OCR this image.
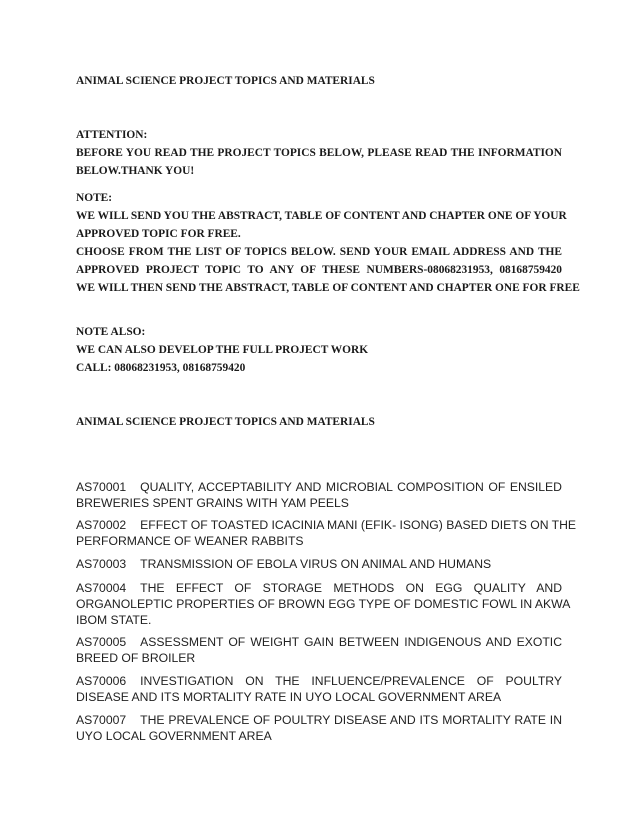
ANIMAL SCIENCE PROJECT TOPICS AND MATERIALS
ATTENTION:
BEFORE YOU READ THE PROJECT TOPICS BELOW, PLEASE READ THE INFORMATION
BELOW.THANK YOU!
NOTE:
WE WILL SEND YOU THE ABSTRACT, TABLE OF CONTENT AND CHAPTER ONE OF YOUR
APPROVED TOPIC FOR FREE.
CHOOSE FROM THE LIST OF TOPICS BELOW. SEND YOUR EMAIL ADDRESS AND THE
APPROVED PROJECT TOPIC TO ANY OF THESE NUMBERS-08068231953, 08168759420
WE WILL THEN SEND THE ABSTRACT, TABLE OF CONTENT AND CHAPTER ONE FOR FREE
NOTE ALSO:
WE CAN ALSO DEVELOP THE FULL PROJECT WORK
CALL: 08068231953, 08168759420
ANIMAL SCIENCE PROJECT TOPICS AND MATERIALS
AS70001 QUALITY, ACCEPTABILITY AND MICROBIAL COMPOSITION OF ENSILED
BREWERIES SPENT GRAINS WITH YAM PEELS
AS70002 EFFECT OF TOASTED ICACINIA MANI (EFIK- ISONG) BASED DIETS ON THE
PERFORMANCE OF WEANER RABBITS
AS70003 TRANSMISSION OF EBOLA VIRUS ON ANIMAL AND HUMANS
AS70004 THE EFFECT OF STORAGE METHODS ON EGG QUALITY AND
ORGANOLEPTIC PROPERTIES OF BROWN EGG TYPE OF DOMESTIC FOWL IN AKWA
IBOM STATE.
AS70005 ASSESSMENT OF WEIGHT GAIN BETWEEN INDIGENOUS AND EXOTIC
BREED OF BROILER
AS70006 INVESTIGATION ON THE INFLUENCE/PREVALENCE OF POULTRY
DISEASE AND ITS MORTALITY RATE IN UYO LOCAL GOVERNMENT AREA
AS70007 THE PREVALENCE OF POULTRY DISEASE AND ITS MORTALITY RATE IN
UYO LOCAL GOVERNMENT AREA
